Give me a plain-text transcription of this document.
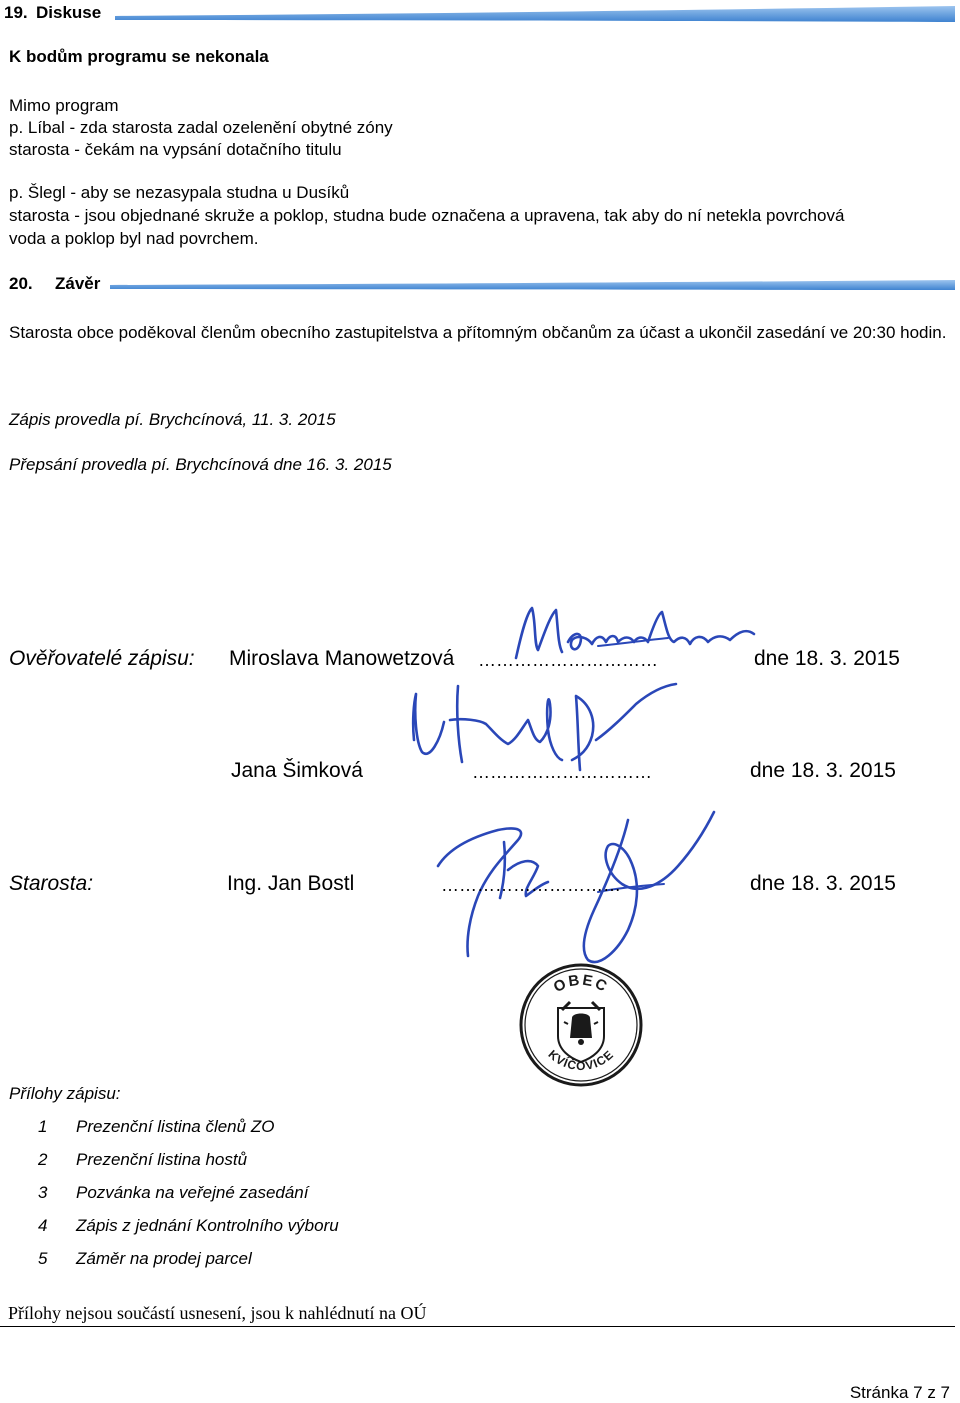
19. Diskuse
K bodům programu se nekonala
Mimo program
p. Líbal - zda starosta zadal ozelenění obytné zóny
starosta - čekám na vypsání dotačního titulu
p. Šlegl - aby se nezasypala studna u Dusíků
starosta - jsou objednané skruže a poklop, studna bude označena a upravena, tak aby do ní netekla povrchová
voda a poklop byl nad povrchem.
20. Závěr
Starosta obce poděkoval členům obecního zastupitelstva a přítomným občanům za účast a ukončil zasedání ve 20:30 hodin.
Zápis provedla pí. Brychcínová, 11. 3. 2015
Přepsání provedla pí. Brychcínová dne 16. 3. 2015
Ověřovatelé zápisu: Miroslava Manowetzová …………………………	dne 18. 3. 2015
Jana Šimková	…………………………	dne 18. 3. 2015
Starosta:	Ing. Jan Bostl	…………………………	dne 18. 3. 2015
OBEC
KVÍČOVICE
Přílohy zápisu:
1 Prezenční listina členů ZO
2 Prezenční listina hostů
3 Pozvánka na veřejné zasedání
4 Zápis z jednání Kontrolního výboru
5 Záměr na prodej parcel
Přílohy nejsou součástí usnesení, jsou k nahlédnutí na OÚ
Stránka 7 z 7
